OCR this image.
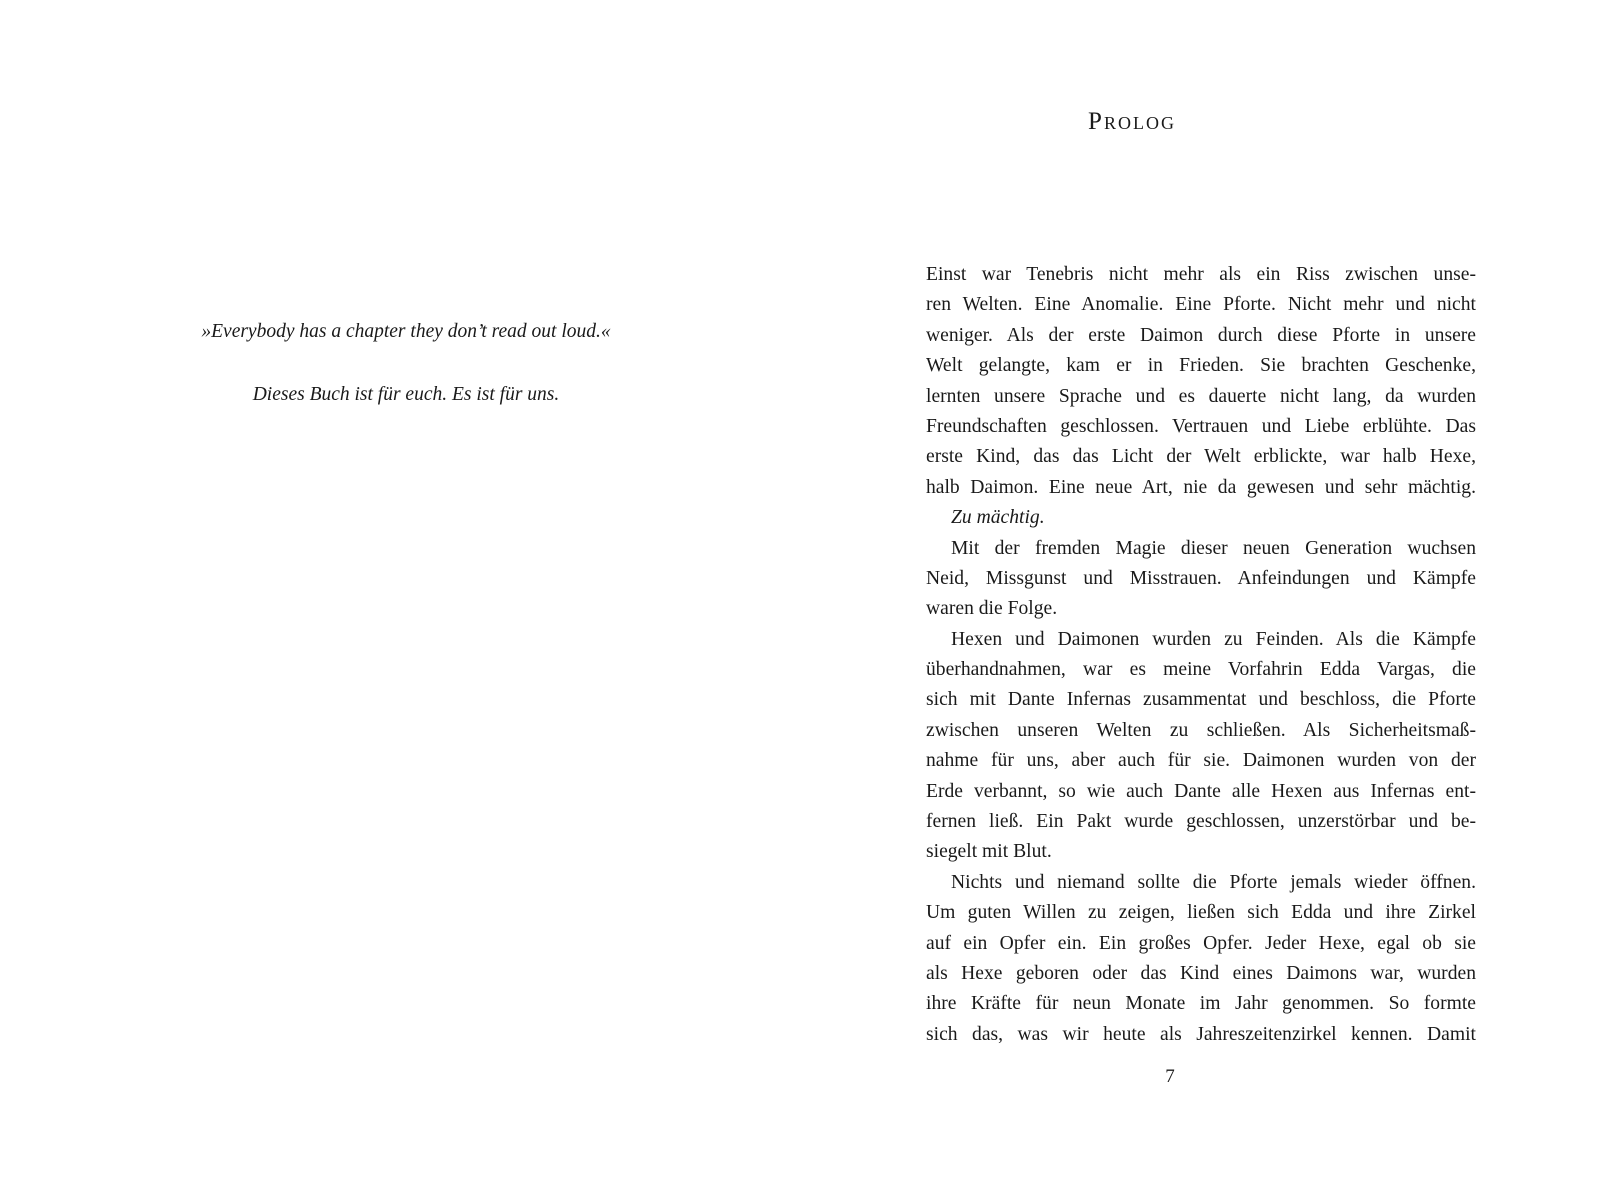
»Everybody has a chapter they don’t read out loud.«
Dieses Buch ist für euch. Es ist für uns.
Prolog
Einst war Tenebris nicht mehr als ein Riss zwischen unse-
ren Welten. Eine Anomalie. Eine Pforte. Nicht mehr und nicht
weniger. Als der erste Daimon durch diese Pforte in unsere
Welt gelangte, kam er in Frieden. Sie brachten Geschenke,
lernten unsere Sprache und es dauerte nicht lang, da wurden
Freundschaften geschlossen. Vertrauen und Liebe erblühte. Das
erste Kind, das das Licht der Welt erblickte, war halb Hexe,
halb Daimon. Eine neue Art, nie da gewesen und sehr mächtig.
Zu mächtig.
Mit der fremden Magie dieser neuen Generation wuchsen
Neid, Missgunst und Misstrauen. Anfeindungen und Kämpfe
waren die Folge.
Hexen und Daimonen wurden zu Feinden. Als die Kämpfe
überhandnahmen, war es meine Vorfahrin Edda Vargas, die
sich mit Dante Infernas zusammentat und beschloss, die Pforte
zwischen unseren Welten zu schließen. Als Sicherheitsmaß-
nahme für uns, aber auch für sie. Daimonen wurden von der
Erde verbannt, so wie auch Dante alle Hexen aus Infernas ent-
fernen ließ. Ein Pakt wurde geschlossen, unzerstörbar und be-
siegelt mit Blut.
Nichts und niemand sollte die Pforte jemals wieder öffnen.
Um guten Willen zu zeigen, ließen sich Edda und ihre Zirkel
auf ein Opfer ein. Ein großes Opfer. Jeder Hexe, egal ob sie
als Hexe geboren oder das Kind eines Daimons war, wurden
ihre Kräfte für neun Monate im Jahr genommen. So formte
sich das, was wir heute als Jahreszeitenzirkel kennen. Damit
7
